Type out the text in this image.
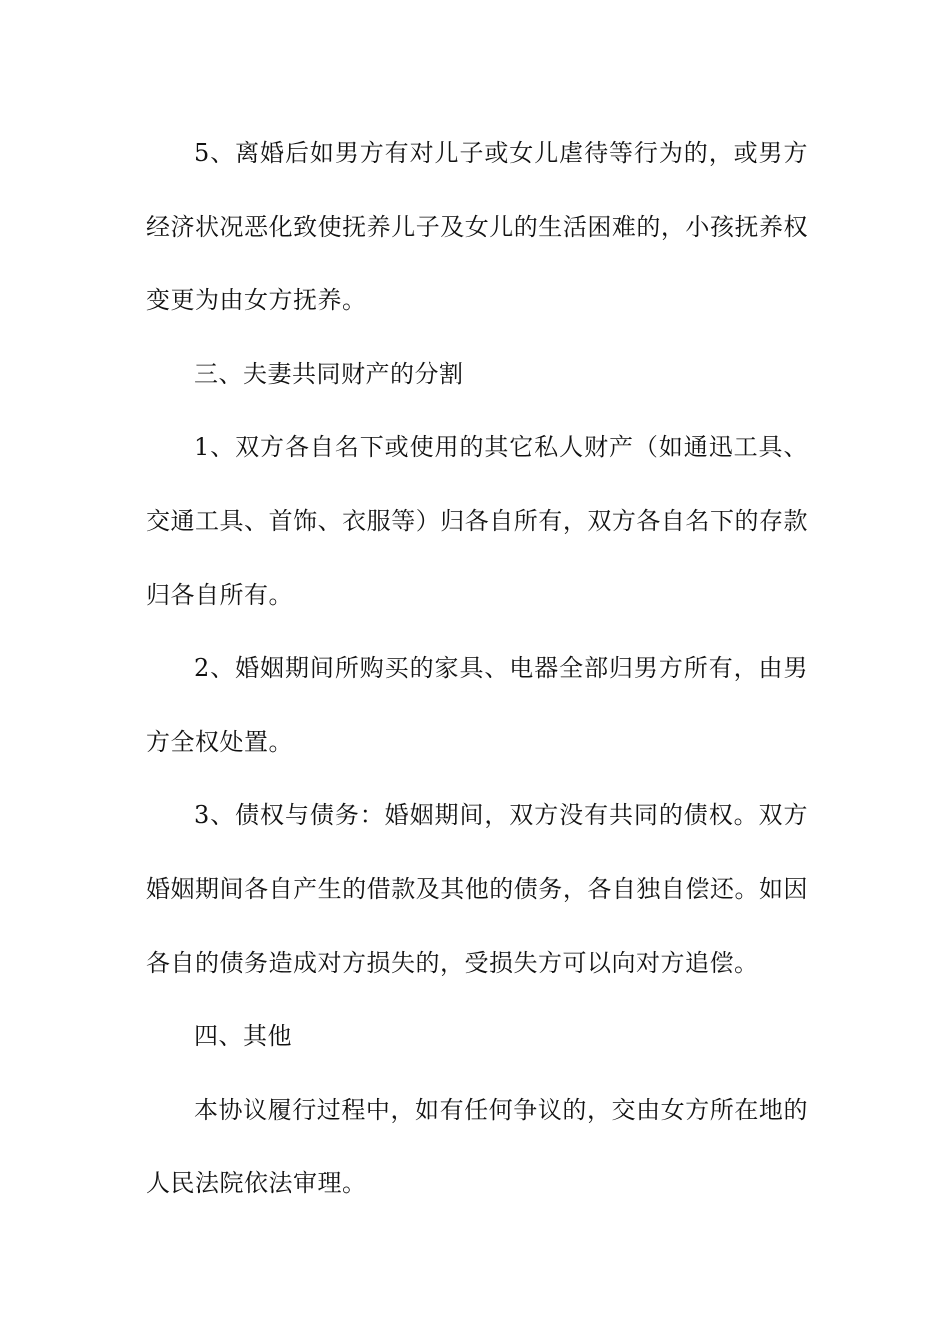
5、离婚后如男方有对儿子或女儿虐待等行为的，或男方经济状况恶化致使抚养儿子及女儿的生活困难的，小孩抚养权变更为由女方抚养。

三、夫妻共同财产的分割

1、双方各自名下或使用的其它私人财产（如通迅工具、交通工具、首饰、衣服等）归各自所有，双方各自名下的存款归各自所有。

2、婚姻期间所购买的家具、电器全部归男方所有，由男方全权处置。

3、债权与债务：婚姻期间，双方没有共同的债权。双方婚姻期间各自产生的借款及其他的债务，各自独自偿还。如因各自的债务造成对方损失的，受损失方可以向对方追偿。

四、其他

本协议履行过程中，如有任何争议的，交由女方所在地的人民法院依法审理。
